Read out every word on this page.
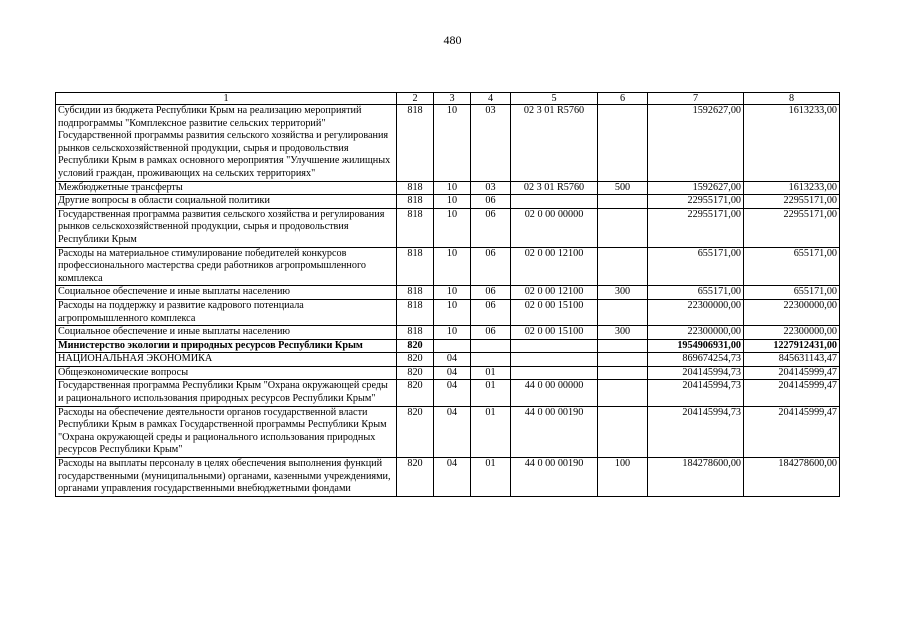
480
1	2	3	4	5	6	7	8
Субсидии из бюджета Республики Крым на реализацию мероприятий подпрограммы "Комплексное развитие сельских территорий" Государственной программы развития сельского хозяйства и регулирования рынков сельскохозяйственной продукции, сырья и продовольствия Республики Крым в рамках основного мероприятия "Улучшение жилищных условий граждан, проживающих на сельских территориях"	818	10	03	02 3 01 R5760		1592627,00	1613233,00
Межбюджетные трансферты	818	10	03	02 3 01 R5760	500	1592627,00	1613233,00
Другие вопросы в области социальной политики	818	10	06			22955171,00	22955171,00
Государственная программа развития сельского хозяйства и регулирования рынков сельскохозяйственной продукции, сырья и продовольствия Республики Крым	818	10	06	02 0 00 00000		22955171,00	22955171,00
Расходы на материальное стимулирование победителей конкурсов профессионального мастерства среди работников агропромышленного комплекса	818	10	06	02 0 00 12100		655171,00	655171,00
Социальное обеспечение и иные выплаты населению	818	10	06	02 0 00 12100	300	655171,00	655171,00
Расходы на поддержку и развитие кадрового потенциала агропромышленного комплекса	818	10	06	02 0 00 15100		22300000,00	22300000,00
Социальное обеспечение и иные выплаты населению	818	10	06	02 0 00 15100	300	22300000,00	22300000,00
Министерство экологии и природных ресурсов Республики Крым	820					1954906931,00	1227912431,00
НАЦИОНАЛЬНАЯ ЭКОНОМИКА	820	04				869674254,73	845631143,47
Общеэкономические вопросы	820	04	01			204145994,73	204145999,47
Государственная программа Республики Крым "Охрана окружающей среды и рационального использования природных ресурсов Республики Крым"	820	04	01	44 0 00 00000		204145994,73	204145999,47
Расходы на обеспечение деятельности органов государственной власти Республики Крым в рамках Государственной программы Республики Крым "Охрана окружающей среды и рационального использования природных ресурсов Республики Крым"	820	04	01	44 0 00 00190		204145994,73	204145999,47
Расходы на выплаты персоналу в целях обеспечения выполнения функций государственными (муниципальными) органами, казенными учреждениями, органами управления государственными внебюджетными фондами	820	04	01	44 0 00 00190	100	184278600,00	184278600,00
